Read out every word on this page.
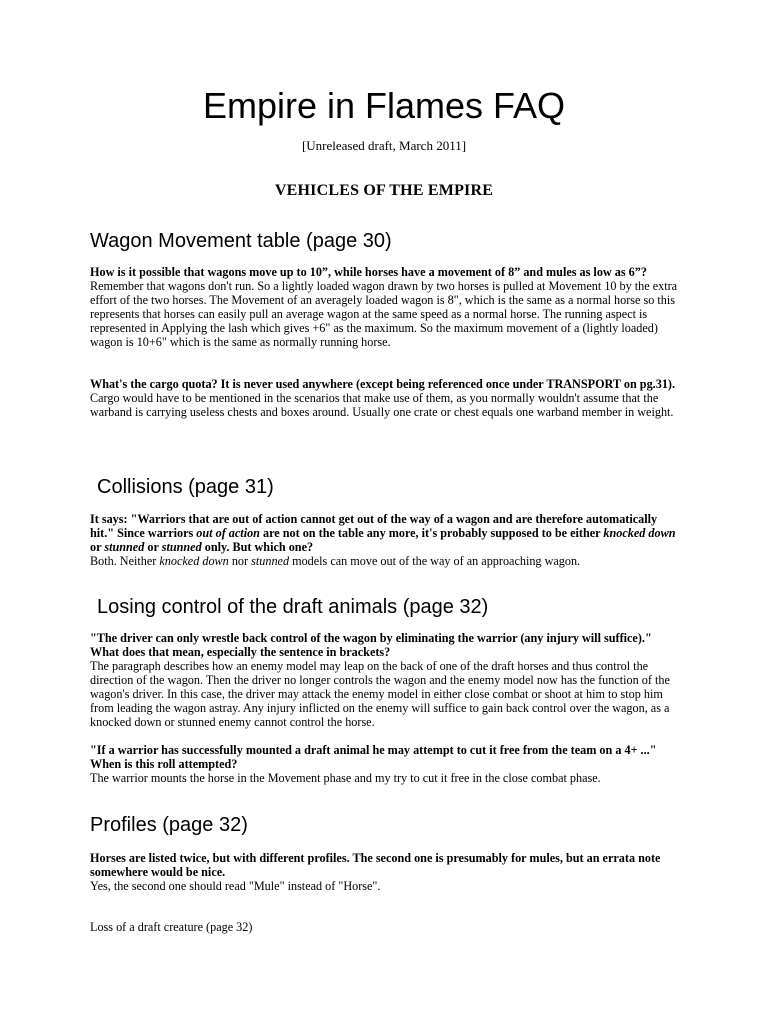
Empire in Flames FAQ
[Unreleased draft, March 2011]
VEHICLES OF THE EMPIRE
Wagon Movement table (page 30)
How is it possible that wagons move up to 10”, while horses have a movement of 8” and mules as low as 6”?
Remember that wagons don't run. So a lightly loaded wagon drawn by two horses is pulled at Movement 10 by the extra effort of the two horses. The Movement of an averagely loaded wagon is 8", which is the same as a normal horse so this represents that horses can easily pull an average wagon at the same speed as a normal horse. The running aspect is represented in Applying the lash which gives +6" as the maximum. So the maximum movement of a (lightly loaded) wagon is 10+6" which is the same as normally running horse.
What's the cargo quota? It is never used anywhere (except being referenced once under TRANSPORT on pg.31).
Cargo would have to be mentioned in the scenarios that make use of them, as you normally wouldn't assume that the warband is carrying useless chests and boxes around. Usually one crate or chest equals one warband member in weight.
Collisions (page 31)
It says: "Warriors that are out of action cannot get out of the way of a wagon and are therefore automatically hit." Since warriors out of action are not on the table any more, it's probably supposed to be either knocked down or stunned or stunned only. But which one?
Both. Neither knocked down nor stunned models can move out of the way of an approaching wagon.
Losing control of the draft animals (page 32)
"The driver can only wrestle back control of the wagon by eliminating the warrior (any injury will suffice)." What does that mean, especially the sentence in brackets?
The paragraph describes how an enemy model may leap on the back of one of the draft horses and thus control the direction of the wagon. Then the driver no longer controls the wagon and the enemy model now has the function of the wagon's driver. In this case, the driver may attack the enemy model in either close combat or shoot at him to stop him from leading the wagon astray. Any injury inflicted on the enemy will suffice to gain back control over the wagon, as a knocked down or stunned enemy cannot control the horse.
"If a warrior has successfully mounted a draft animal he may attempt to cut it free from the team on a 4+ ..." When is this roll attempted?
The warrior mounts the horse in the Movement phase and my try to cut it free in the close combat phase.
Profiles (page 32)
Horses are listed twice, but with different profiles. The second one is presumably for mules, but an errata note somewhere would be nice.
Yes, the second one should read "Mule" instead of "Horse".
Loss of a draft creature (page 32)
